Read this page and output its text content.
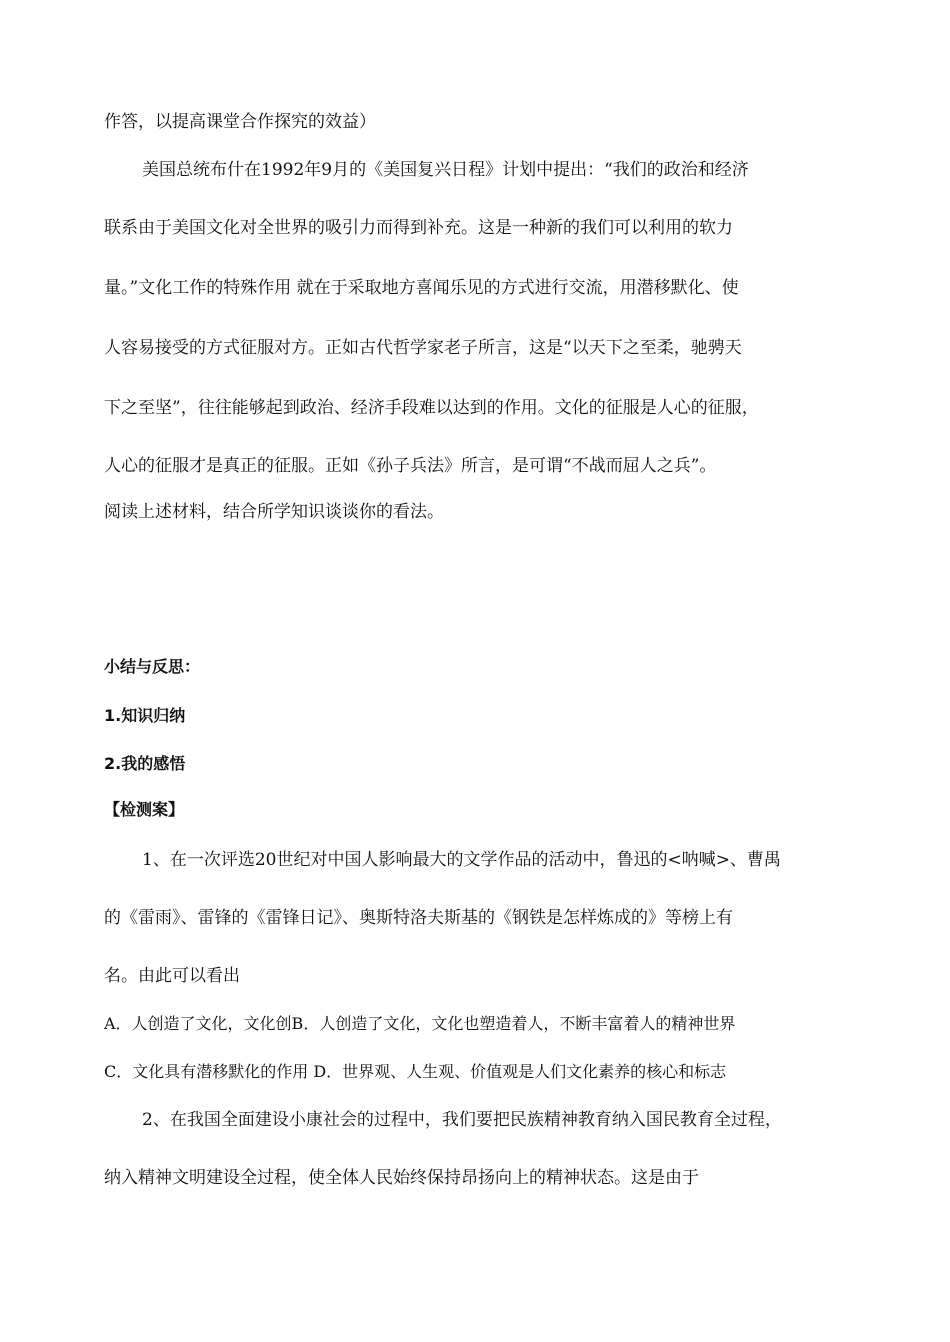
作答，以提高课堂合作探究的效益）
美国总统布什在1992年9月的《美国复兴日程》计划中提出：“我们的政治和经济
联系由于美国文化对全世界的吸引力而得到补充。这是一种新的我们可以利用的软力
量。”文化工作的特殊作用 就在于采取地方喜闻乐见的方式进行交流，用潜移默化、使
人容易接受的方式征服对方。正如古代哲学家老子所言，这是“以天下之至柔，驰骋天
下之至坚”，往往能够起到政治、经济手段难以达到的作用。文化的征服是人心的征服，
人心的征服才是真正的征服。正如《孙子兵法》所言，是可谓“不战而屈人之兵”。
阅读上述材料，结合所学知识谈谈你的看法。
小结与反思：
1.知识归纳
2.我的感悟
【检测案】
1、在一次评选20世纪对中国人影响最大的文学作品的活动中，鲁迅的<呐喊>、曹禺
的《雷雨》、雷锋的《雷锋日记》、奥斯特洛夫斯基的《钢铁是怎样炼成的》等榜上有
名。由此可以看出
A．人创造了文化，文化创B．人创造了文化，文化也塑造着人，不断丰富着人的精神世界
C．文化具有潜移默化的作用 D．世界观、人生观、价值观是人们文化素养的核心和标志
2、在我国全面建设小康社会的过程中，我们要把民族精神教育纳入国民教育全过程，
纳入精神文明建设全过程，使全体人民始终保持昂扬向上的精神状态。这是由于
